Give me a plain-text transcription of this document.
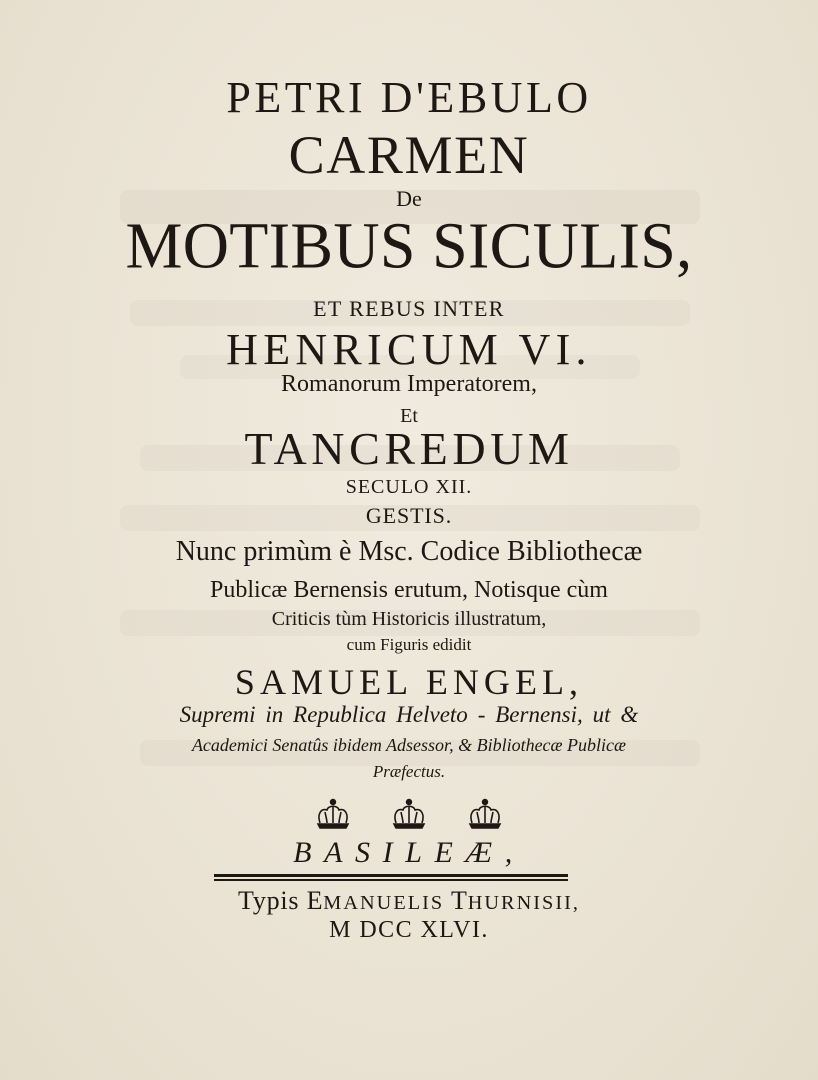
PETRI D'EBULO
CARMEN
De
MOTIBUS SICULIS,
ET REBUS INTER
HENRICUM VI.
Romanorum Imperatorem,
Et
TANCREDUM
SECULO XII.
GESTIS.
Nunc primùm è Msc. Codice Bibliothecæ
Publicæ Bernensis erutum, Notisque cùm
Criticis tùm Historicis illustratum,
cum Figuris edidit
SAMUEL ENGEL,
Supremi in Republica Helveto - Bernensi, ut &
Academici Senatûs ibidem Adsessor, & Bibliothecæ Publicæ
Præfectus.
BASILEÆ,
Typis EMANUELIS THURNISII,
M DCC XLVI.
